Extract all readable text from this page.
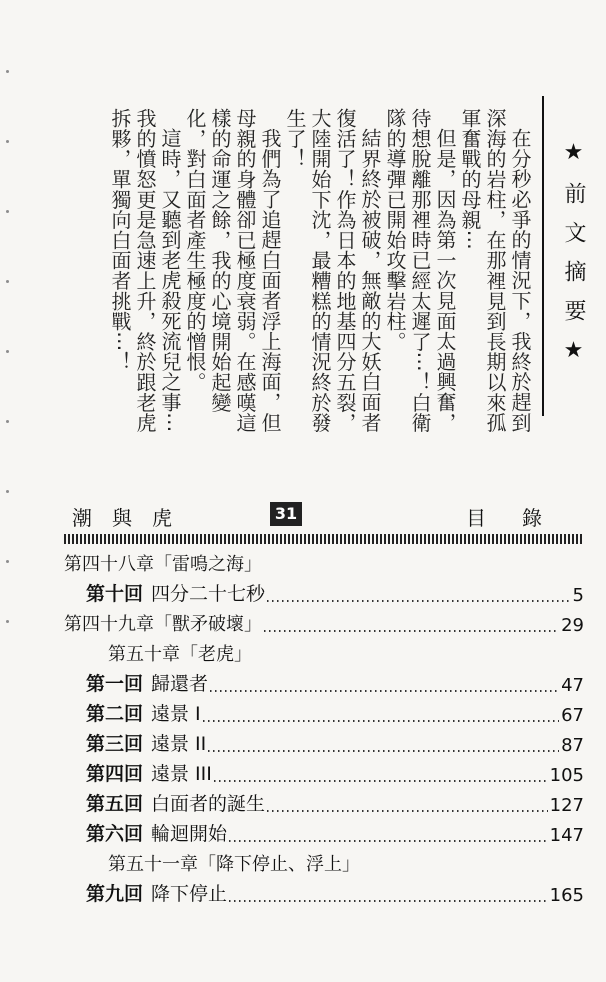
在分秒必爭的情況下，我終於趕到深海的岩柱，在那裡見到長期以來孤軍奮戰的母親⋯

但是，因為第一次見面太過興奮，待想脫離那裡時已經太遲了⋯！白衛隊的導彈已開始攻擊岩柱。

結界終於被破，無敵的大妖白面者復活了！作為日本的地基四分五裂，大陸開始下沈，最糟糕的情況終於發生了！

我們為了追趕白面者浮上海面，但母親的身體卻已極度衰弱。在感嘆這樣的命運之餘，我的心境開始起變化，對白面者產生極度的憎恨。

這時，又聽到老虎殺死流兒之事⋯我的憤怒更是急速上升，終於跟老虎拆夥，單獨向白面者挑戰⋯！	★前文摘要★
潮與虎	31	目錄
第四十八章「雷鳴之海」
第十回 四分二十七秒	5
第四十九章「獸矛破壞」	29
第五十章「老虎」
第一回 歸還者	47
第二回 遠景 I	67
第三回 遠景 II	87
第四回 遠景 III	105
第五回 白面者的誕生	127
第六回 輪迴開始	147
第五十一章「降下停止、浮上」
第九回 降下停止	165
